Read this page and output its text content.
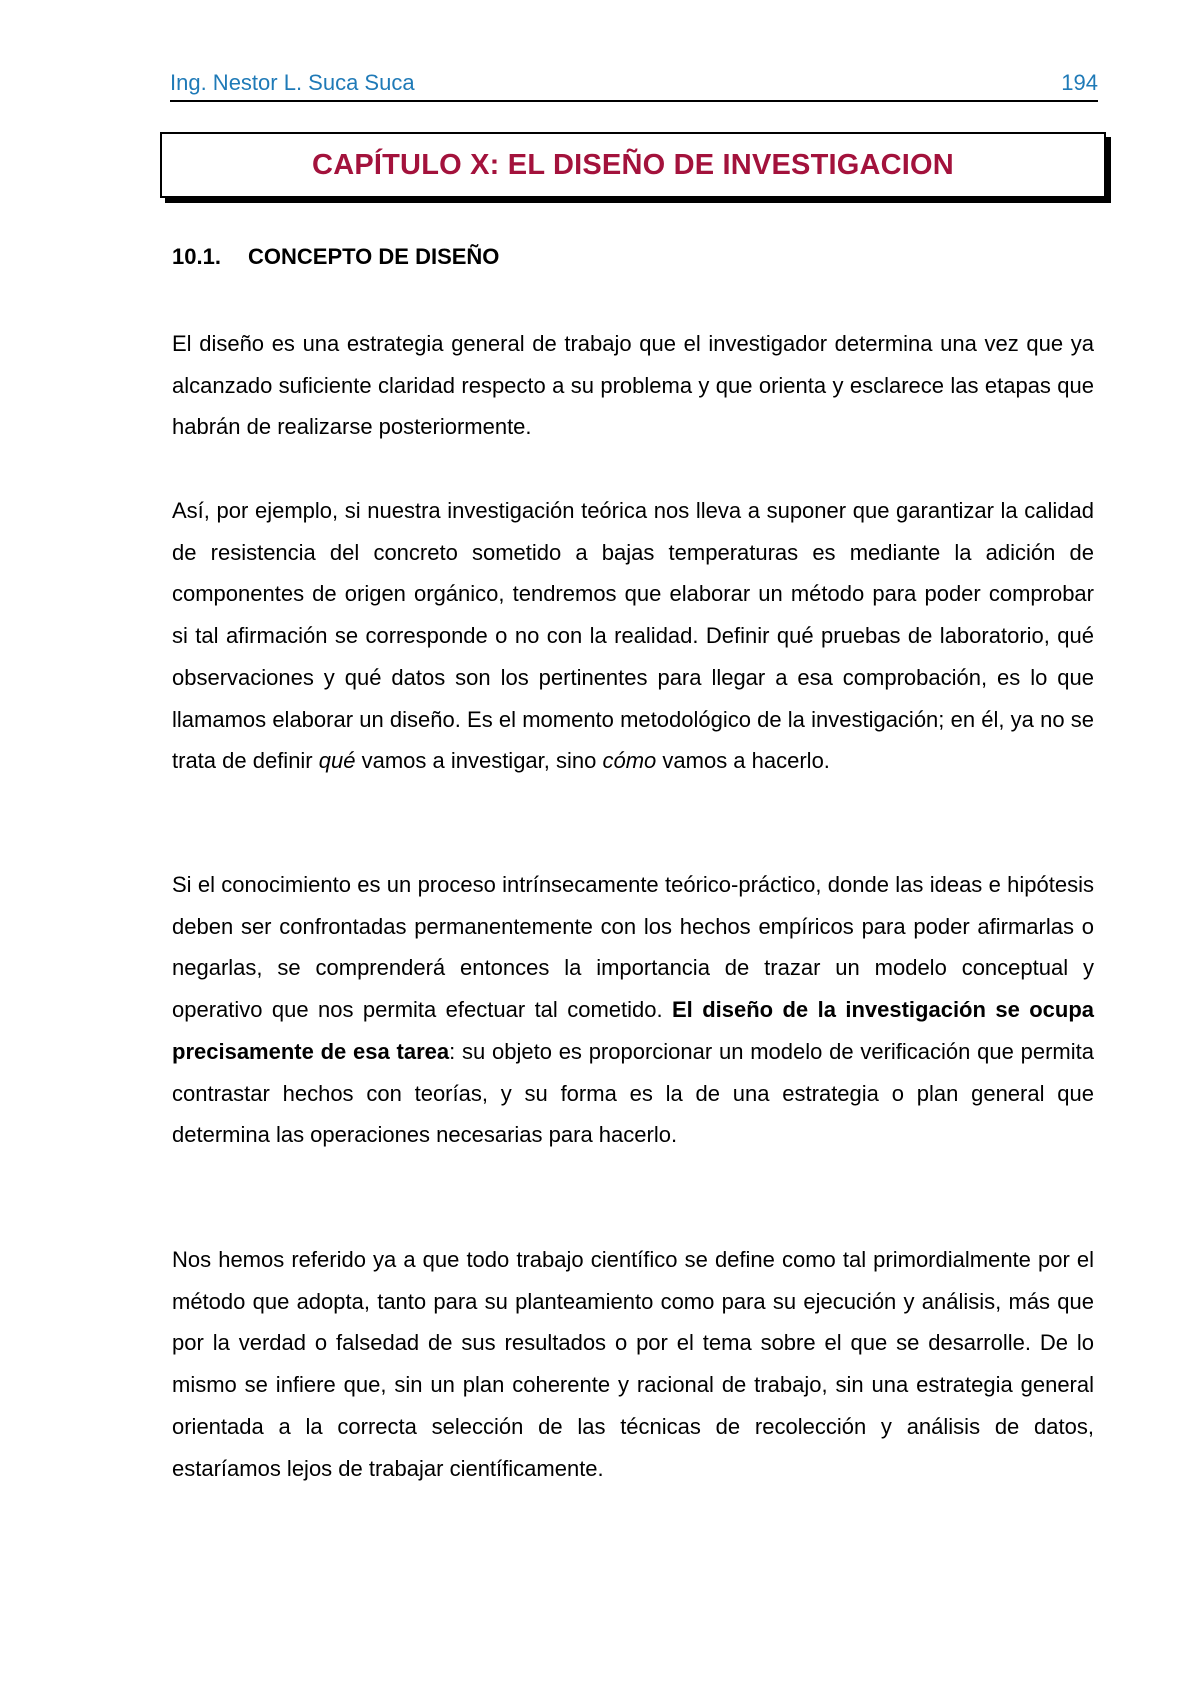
Ing. Nestor L. Suca Suca	194
CAPÍTULO X: EL DISEÑO DE INVESTIGACION
10.1. CONCEPTO DE DISEÑO

El diseño es una estrategia general de trabajo que el investigador determina una vez que ya alcanzado suficiente claridad respecto a su problema y que orienta y esclarece las etapas que habrán de realizarse posteriormente.

Así, por ejemplo, si nuestra investigación teórica nos lleva a suponer que garantizar la calidad de resistencia del concreto sometido a bajas temperaturas es mediante la adición de componentes de origen orgánico, tendremos que elaborar un método para poder comprobar si tal afirmación se corresponde o no con la realidad. Definir qué pruebas de laboratorio, qué observaciones y qué datos son los pertinentes para llegar a esa comprobación, es lo que llamamos elaborar un diseño. Es el momento metodológico de la investigación; en él, ya no se trata de definir qué vamos a investigar, sino cómo vamos a hacerlo.

Si el conocimiento es un proceso intrínsecamente teórico-práctico, donde las ideas e hipótesis deben ser confrontadas permanentemente con los hechos empíricos para poder afirmarlas o negarlas, se comprenderá entonces la importancia de trazar un modelo conceptual y operativo que nos permita efectuar tal cometido. El diseño de la investigación se ocupa precisamente de esa tarea: su objeto es proporcionar un modelo de verificación que permita contrastar hechos con teorías, y su forma es la de una estrategia o plan general que determina las operaciones necesarias para hacerlo.

Nos hemos referido ya a que todo trabajo científico se define como tal primordialmente por el método que adopta, tanto para su planteamiento como para su ejecución y análisis, más que por la verdad o falsedad de sus resultados o por el tema sobre el que se desarrolle. De lo mismo se infiere que, sin un plan coherente y racional de trabajo, sin una estrategia general orientada a la correcta selección de las técnicas de recolección y análisis de datos, estaríamos lejos de trabajar científicamente.
